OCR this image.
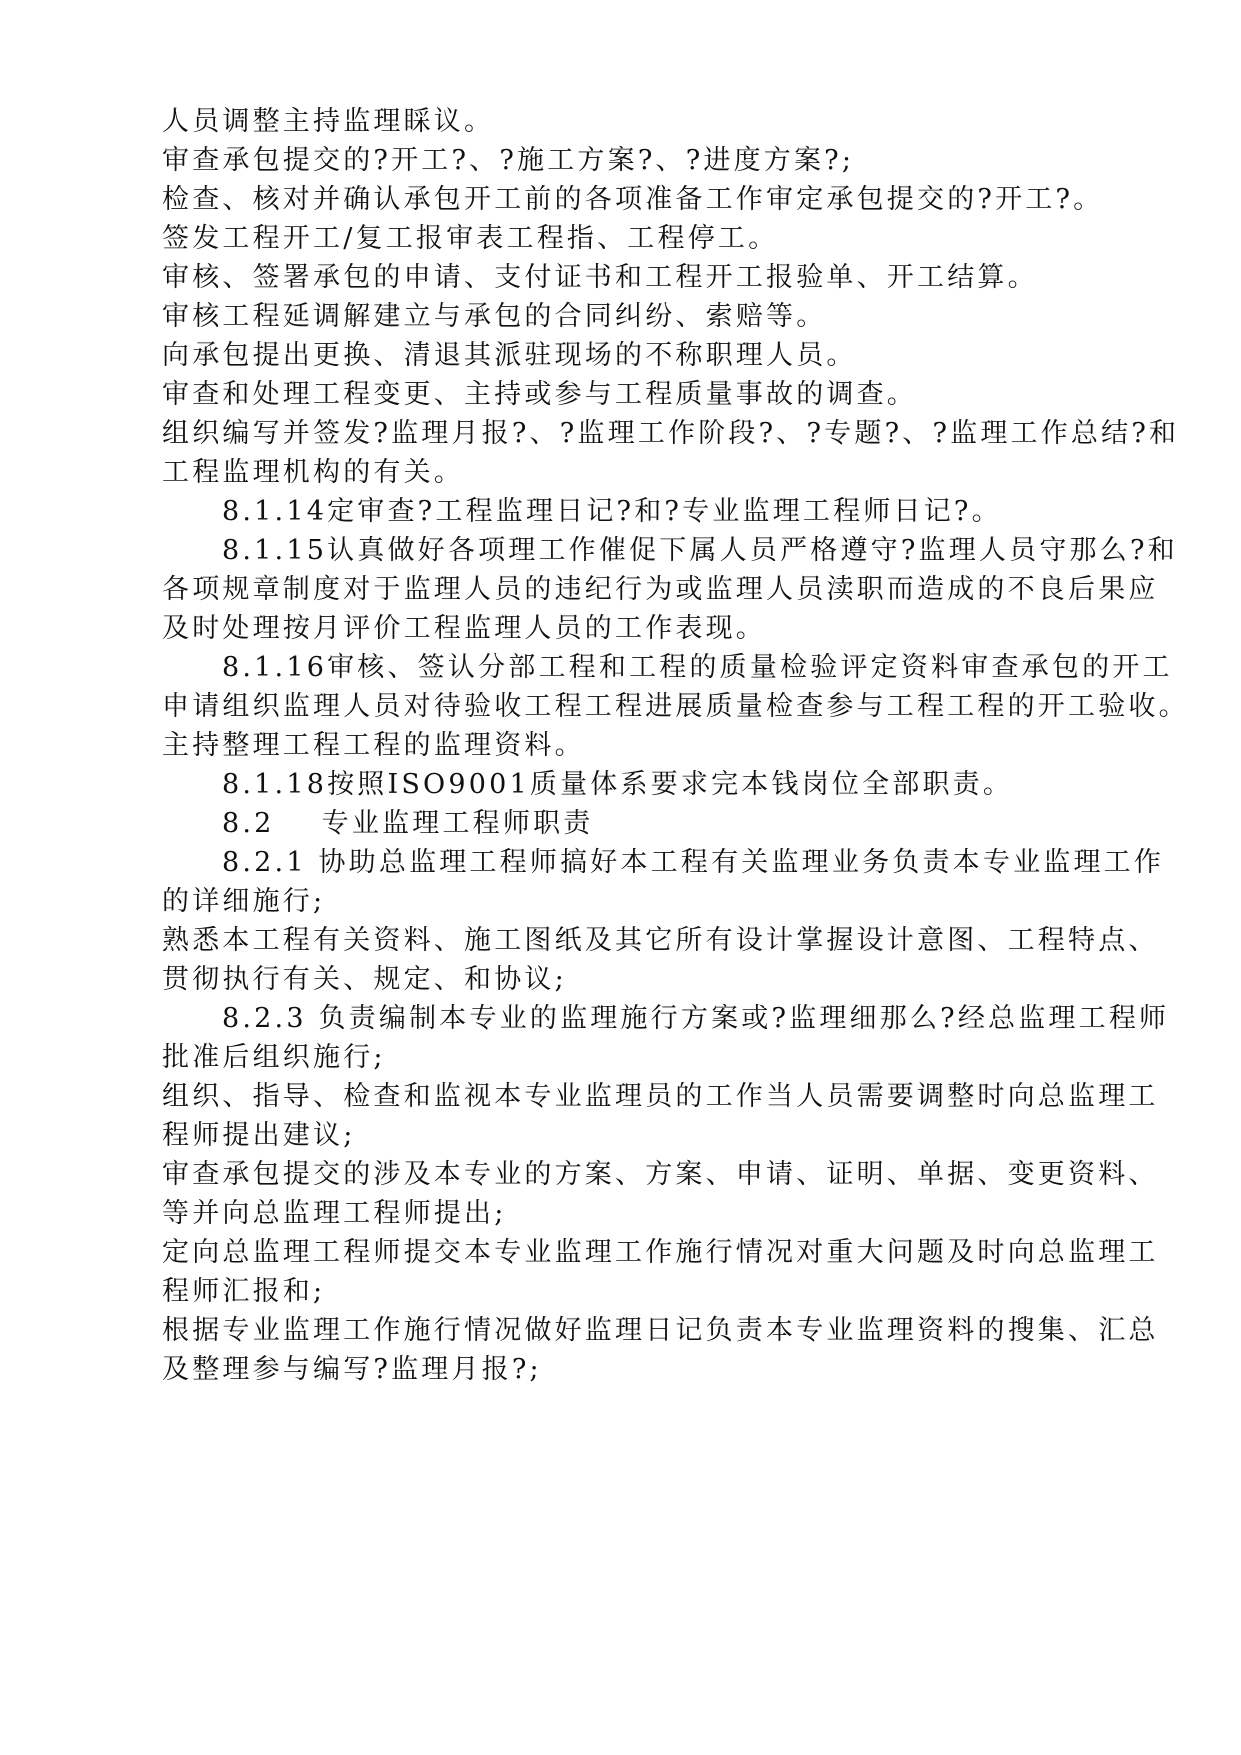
人员调整主持监理睬议。
审查承包提交的?开工?、?施工方案?、?进度方案?;
检查、核对并确认承包开工前的各项准备工作审定承包提交的?开工?。
签发工程开工/复工报审表工程指、工程停工。
审核、签署承包的申请、支付证书和工程开工报验单、开工结算。
审核工程延调解建立与承包的合同纠纷、索赔等。
向承包提出更换、清退其派驻现场的不称职理人员。
审查和处理工程变更、主持或参与工程质量事故的调查。
组织编写并签发?监理月报?、?监理工作阶段?、?专题?、?监理工作总结?和
工程监理机构的有关。
8.1.14定审查?工程监理日记?和?专业监理工程师日记?。
8.1.15认真做好各项理工作催促下属人员严格遵守?监理人员守那么?和
各项规章制度对于监理人员的违纪行为或监理人员渎职而造成的不良后果应
及时处理按月评价工程监理人员的工作表现。
8.1.16审核、签认分部工程和工程的质量检验评定资料审查承包的开工
申请组织监理人员对待验收工程工程进展质量检查参与工程工程的开工验收。
主持整理工程工程的监理资料。
8.1.18按照ISO9001质量体系要求完本钱岗位全部职责。
8.2    专业监理工程师职责
8.2.1 协助总监理工程师搞好本工程有关监理业务负责本专业监理工作
的详细施行;
熟悉本工程有关资料、施工图纸及其它所有设计掌握设计意图、工程特点、
贯彻执行有关、规定、和协议;
8.2.3 负责编制本专业的监理施行方案或?监理细那么?经总监理工程师
批准后组织施行;
组织、指导、检查和监视本专业监理员的工作当人员需要调整时向总监理工
程师提出建议;
审查承包提交的涉及本专业的方案、方案、申请、证明、单据、变更资料、
等并向总监理工程师提出;
定向总监理工程师提交本专业监理工作施行情况对重大问题及时向总监理工
程师汇报和;
根据专业监理工作施行情况做好监理日记负责本专业监理资料的搜集、汇总
及整理参与编写?监理月报?;
